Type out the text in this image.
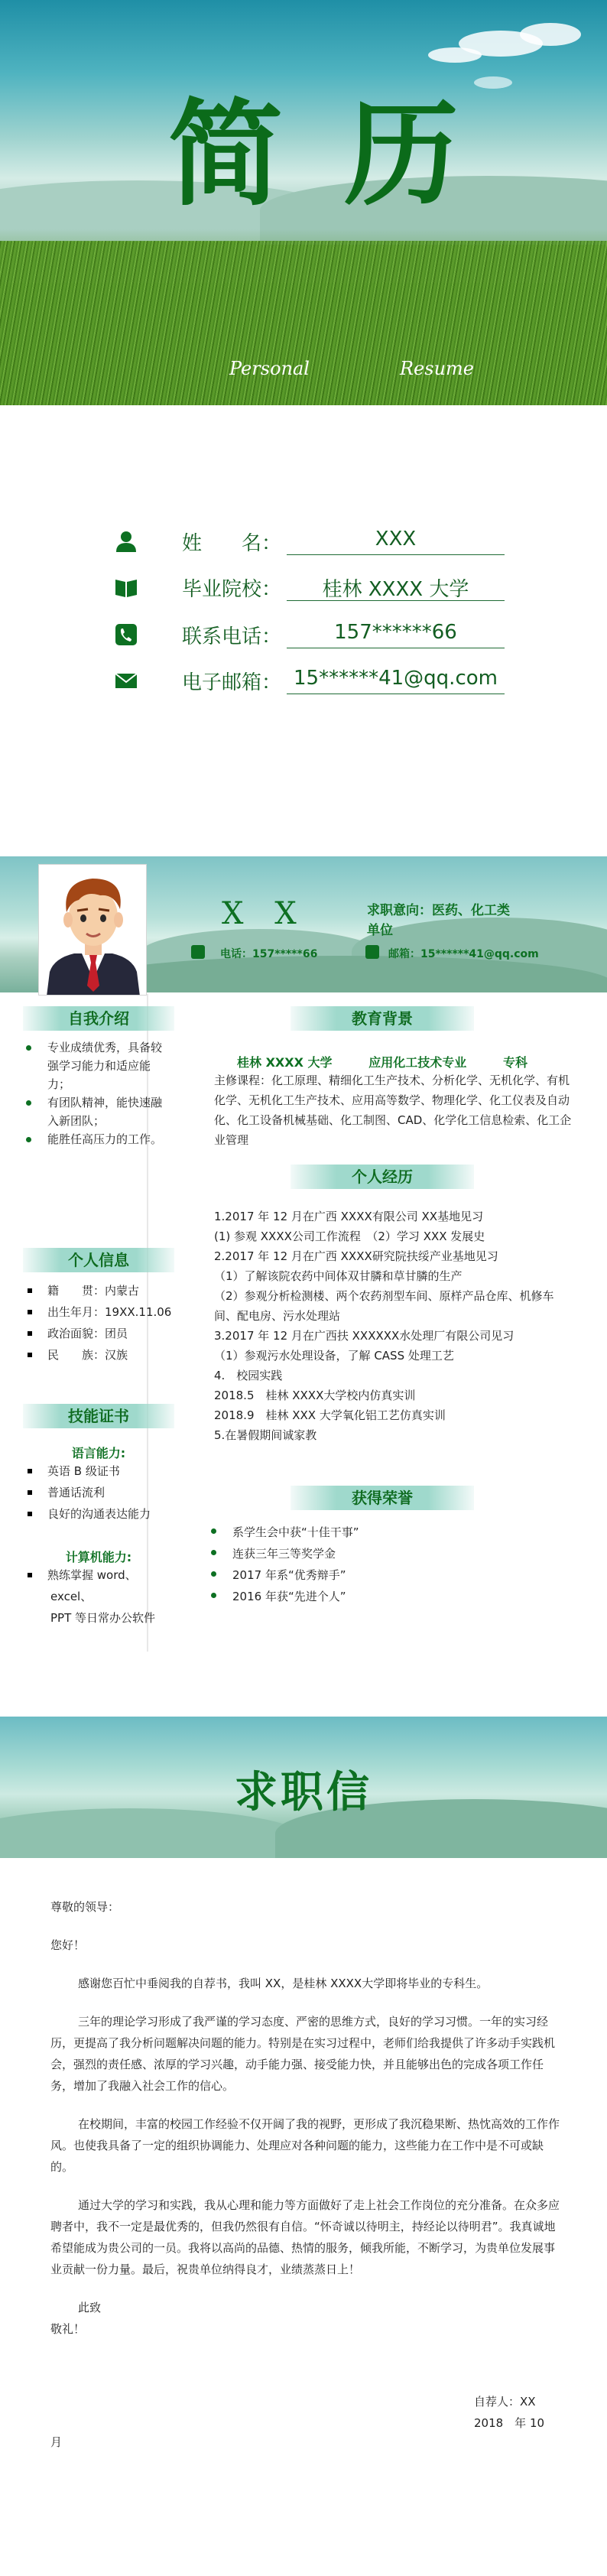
简 历
Personal	Resume
姓　　名：	XXX
毕业院校：	桂林 XXXX 大学
联系电话：	157******66
电子邮箱： 15******41@qq.com
X X	求职意向：医药、化工类单位
电话：157*****66	邮箱：15******41@qq.com
自我介绍
专业成绩优秀，具备较强学习能力和适应能力；
有团队精神，能快速融入新团队；
能胜任高压力的工作。
个人信息
籍　　贯：内蒙古
出生年月：19XX.11.06
政治面貌：团员
民　　族：汉族
技能证书
语言能力:
英语 B 级证书
普通话流利
良好的沟通表达能力
计算机能力:
熟练掌握 word、
excel、
PPT 等日常办公软件
教育背景
桂林 XXXX 大学	应用化工技术专业	专科
主修课程：化工原理、精细化工生产技术、分析化学、无机化学、有机化学、无机化工生产技术、应用高等数学、物理化学、化工仪表及自动化、化工设备机械基础、化工制图、CAD、化学化工信息检索、化工企业管理
个人经历
1.2017 年 12 月在广西 XXXX有限公司 XX基地见习
(1) 参观 XXXX公司工作流程　（2）学习 XXX 发展史
2.2017 年 12 月在广西 XXXX研究院扶绥产业基地见习
（1）了解该院农药中间体双甘膦和草甘膦的生产
（2）参观分析检测楼、两个农药剂型车间、原样产品仓库、机修车间、配电房、污水处理站
3.2017 年 12 月在广西扶 XXXXXX水处理厂有限公司见习
（1）参观污水处理设备，了解 CASS 处理工艺
4.　校园实践
2018.5　桂林 XXXX大学校内仿真实训
2018.9　桂林 XXX 大学氧化铝工艺仿真实训
5.在暑假期间诚家教
获得荣誉
系学生会中获“十佳干事”
连获三年三等奖学金
2017 年系“优秀辩手”
2016 年获“先进个人”
求职信

尊敬的领导：

您好！

感谢您百忙中垂阅我的自荐书，我叫 XX，是桂林 XXXX大学即将毕业的专科生。

三年的理论学习形成了我严谨的学习态度、严密的思维方式，良好的学习习惯。一年的实习经历，更提高了我分析问题解决问题的能力。特别是在实习过程中，老师们给我提供了许多动手实践机会，强烈的责任感、浓厚的学习兴趣，动手能力强、接受能力快，并且能够出色的完成各项工作任务，增加了我融入社会工作的信心。

在校期间，丰富的校园工作经验不仅开阔了我的视野，更形成了我沉稳果断、热忱高效的工作作风。也使我具备了一定的组织协调能力、处理应对各种问题的能力，这些能力在工作中是不可或缺的。

通过大学的学习和实践，我从心理和能力等方面做好了走上社会工作岗位的充分准备。在众多应聘者中，我不一定是最优秀的，但我仍然很有自信。“怀奇诚以待明主，持经论以待明君”。我真诚地希望能成为贵公司的一员。我将以高尚的品德、热情的服务，倾我所能，不断学习，为贵单位发展事业贡献一份力量。最后，祝贵单位纳得良才，业绩蒸蒸日上！

此致

敬礼！

自荐人：XX

2018　年 10

月
